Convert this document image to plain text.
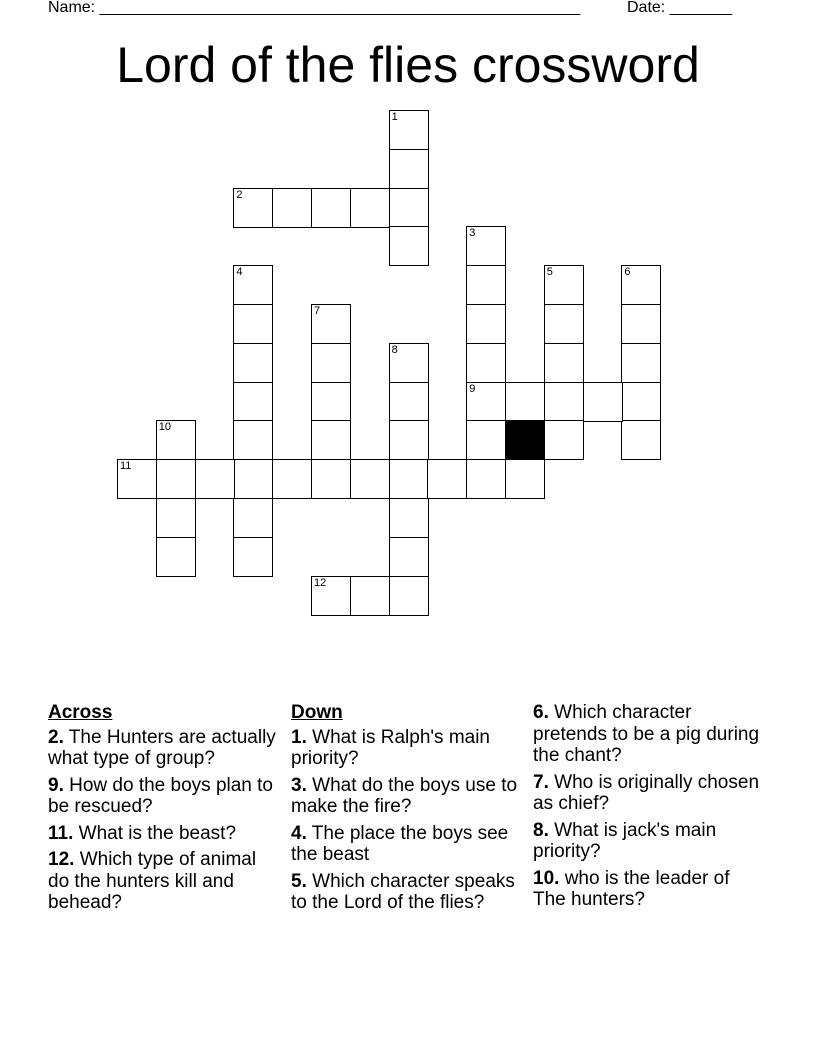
Name: ______________________________________________________	Date: _______
Lord of the flies crossword
1
2
3
9
4	5	6
7
8
10
11
12
Across
2. The Hunters are actually what type of group?
9. How do the boys plan to be rescued?
11. What is the beast?
12. Which type of animal do the hunters kill and behead?
Down
1. What is Ralph's main priority?
3. What do the boys use to make the fire?
4. The place the boys see the beast
5. Which character speaks to the Lord of the flies?
6. Which character pretends to be a pig during the chant?
7. Who is originally chosen as chief?
8. What is jack's main priority?
10. who is the leader of The hunters?
